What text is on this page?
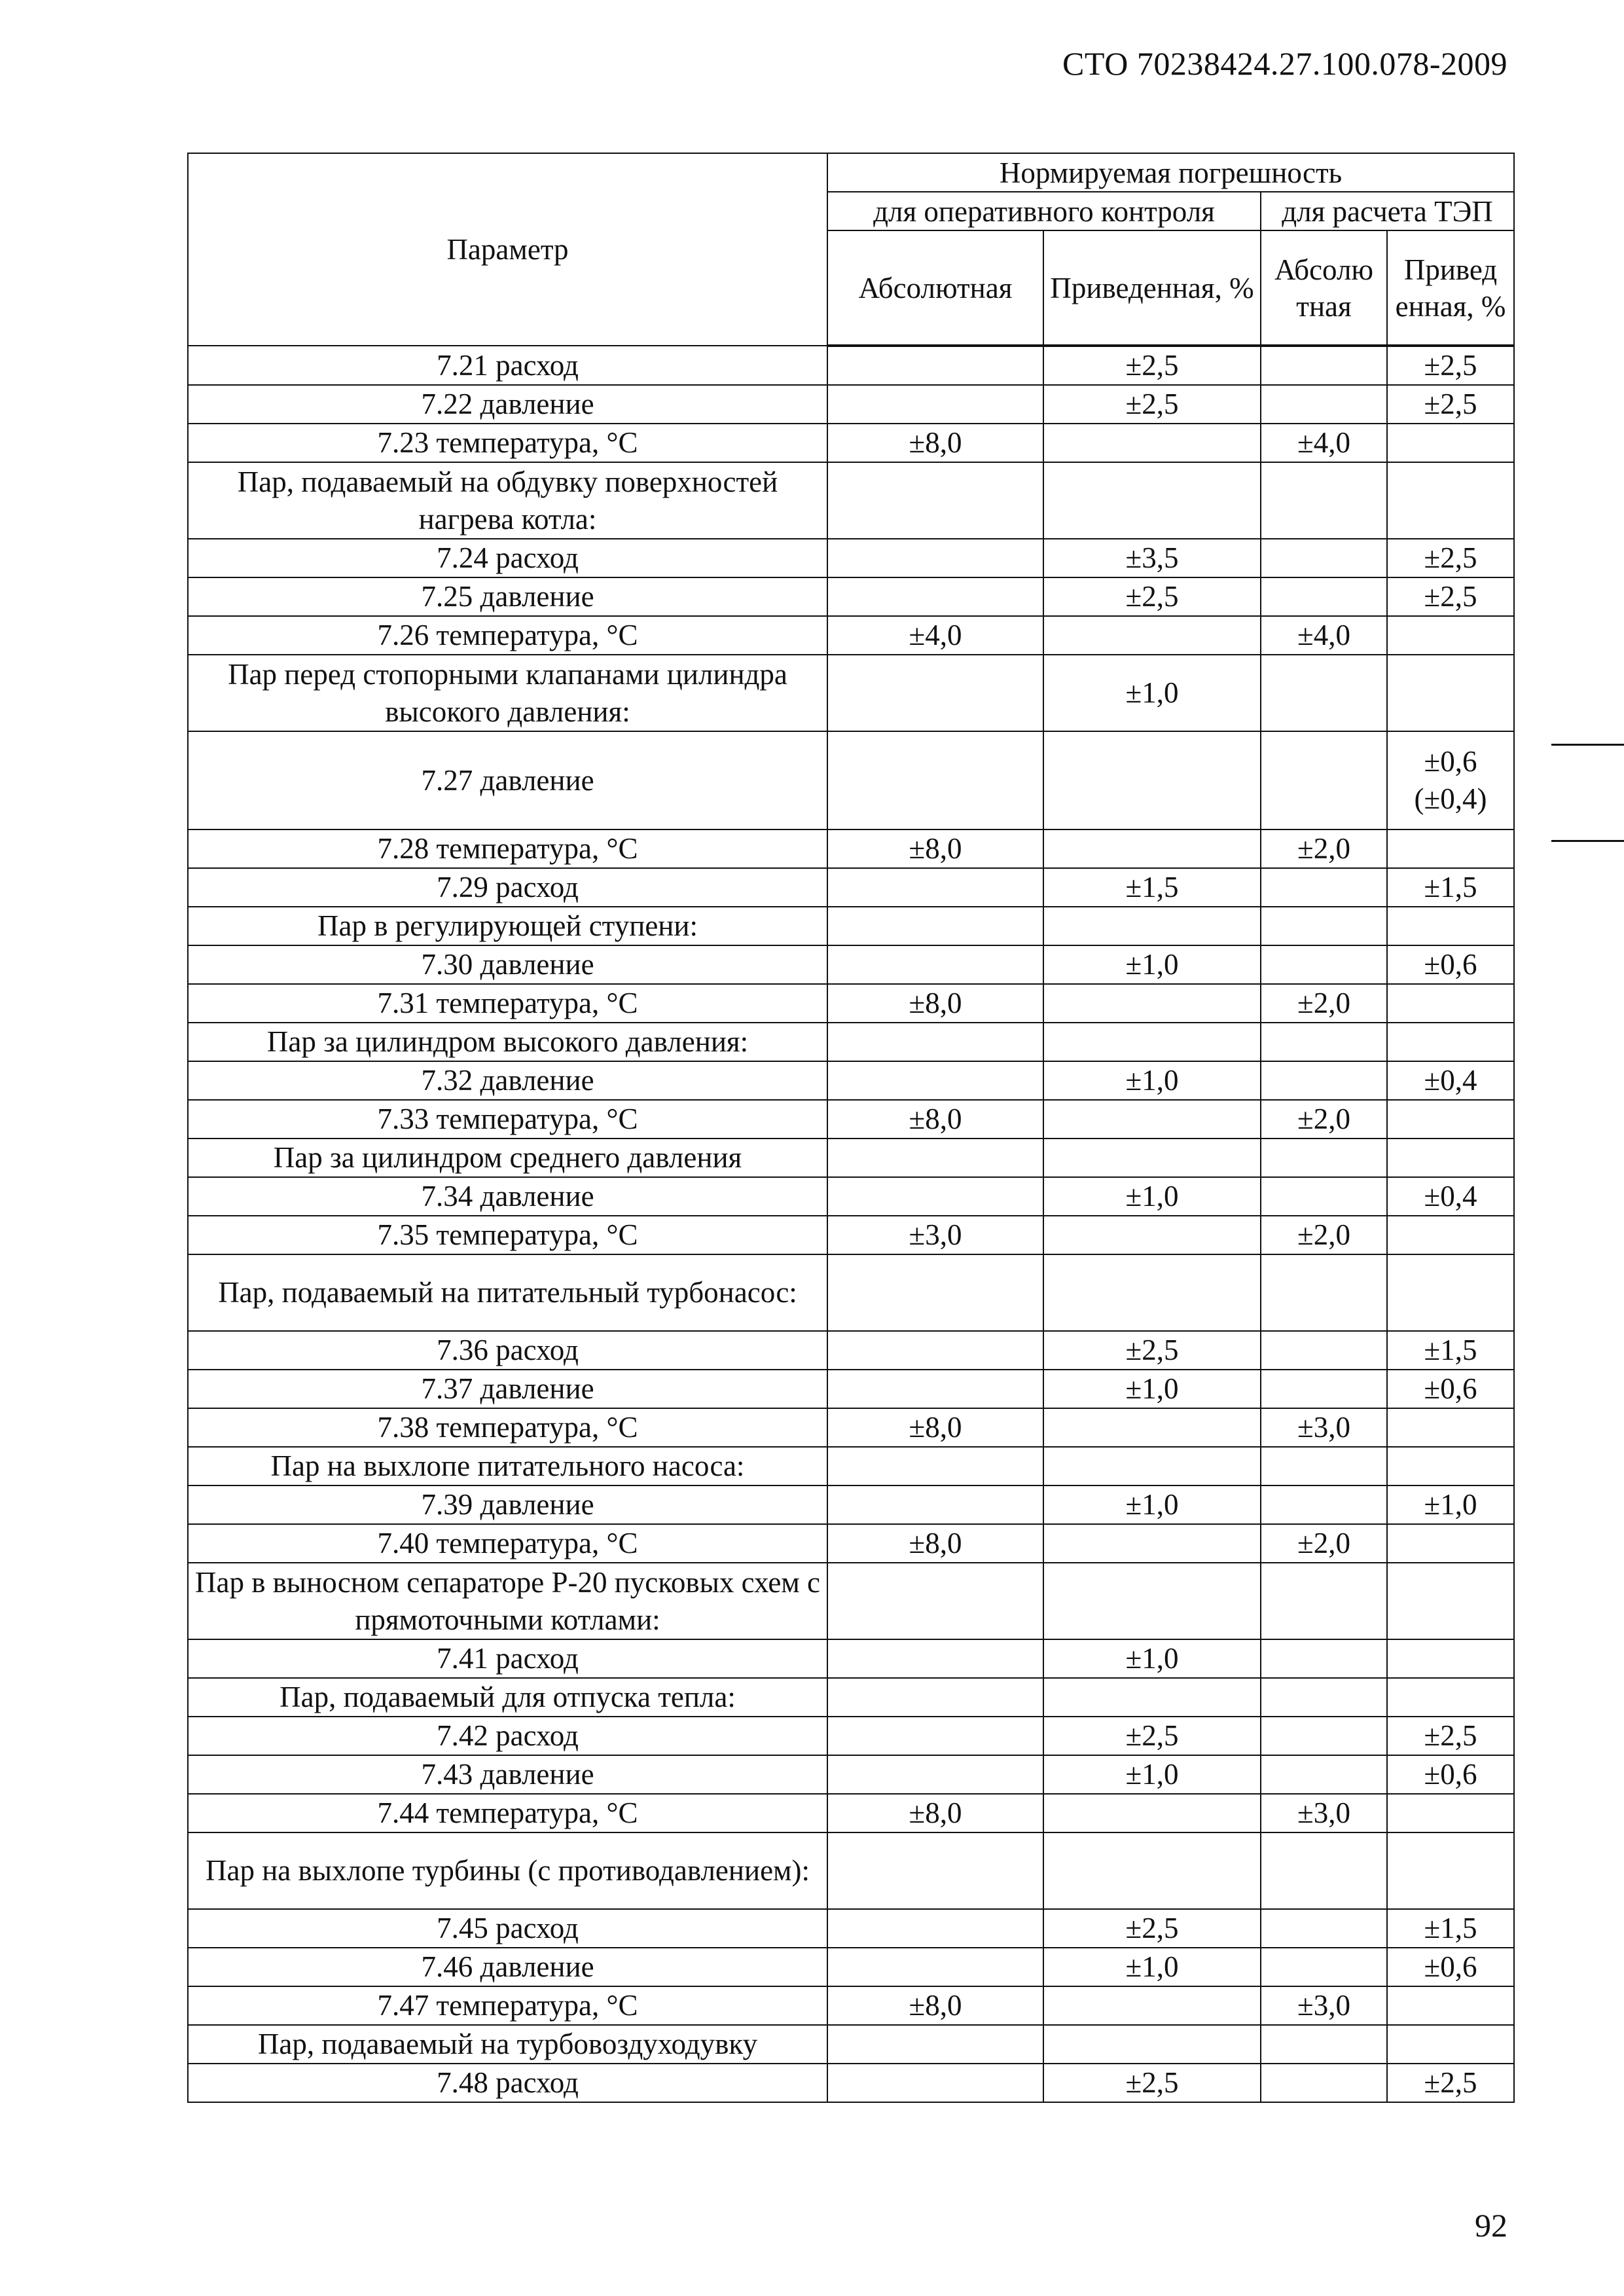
СТО 70238424.27.100.078-2009
Параметр	Нормируемая погрешность			
	для оперативного контроля		для расчета ТЭП	
	Абсолютная	Приведенная, %	Абсолю тная	Привед енная, %
7.21 расход		±2,5		±2,5
7.22 давление		±2,5		±2,5
7.23 температура, °С	±8,0		±4,0	
Пар, подаваемый на обдувку поверхностей нагрева котла:				
7.24 расход		±3,5		±2,5
7.25 давление		±2,5		±2,5
7.26 температура, °С	±4,0		±4,0	
Пар перед стопорными клапанами цилиндра высокого давления:		±1,0		
7.27 давление				±0,6 (±0,4)
7.28 температура, °С	±8,0		±2,0	
7.29 расход		±1,5		±1,5
Пар в регулирующей ступени:				
7.30 давление		±1,0		±0,6
7.31 температура, °С	±8,0		±2,0	
Пар за цилиндром высокого давления:				
7.32 давление		±1,0		±0,4
7.33 температура, °С	±8,0		±2,0	
Пар за цилиндром среднего давления				
7.34 давление		±1,0		±0,4
7.35 температура, °С	±3,0		±2,0	
Пар, подаваемый на питательный турбонасос:				
7.36 расход		±2,5		±1,5
7.37 давление		±1,0		±0,6
7.38 температура, °С	±8,0		±3,0	
Пар на выхлопе питательного насоса:				
7.39 давление		±1,0		±1,0
7.40 температура, °С	±8,0		±2,0	
Пар в выносном сепараторе Р-20 пусковых схем с прямоточными котлами:				
7.41 расход		±1,0		
Пар, подаваемый для отпуска тепла:				
7.42 расход		±2,5		±2,5
7.43 давление		±1,0		±0,6
7.44 температура, °С	±8,0		±3,0	
Пар на выхлопе турбины (с противодавлением):				
7.45 расход		±2,5		±1,5
7.46 давление		±1,0		±0,6
7.47 температура, °С	±8,0		±3,0	
Пар, подаваемый на турбовоздуходувку				
7.48 расход		±2,5		±2,5
92
